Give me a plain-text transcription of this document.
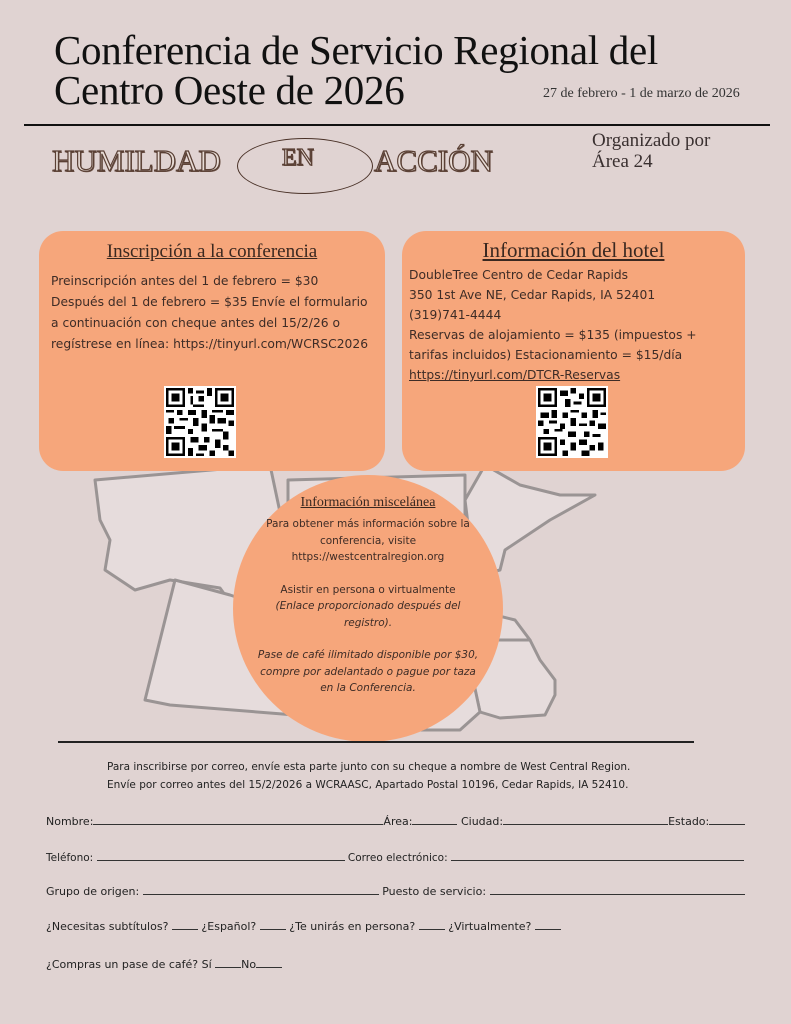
Conferencia de Servicio Regional del
Centro Oeste de 2026	27 de febrero - 1 de marzo de 2026
HUMILDAD	EN ACCIÓN
Organizado por
Área 24
Inscripción a la conferencia

Preinscripción antes del 1 de febrero = $30 Después del 1 de febrero = $35 Envíe el formulario a continuación con cheque antes del 15/2/26 o regístrese en línea: https://tinyurl.com/WCRSC2026

Información del hotel
DoubleTree Centro de Cedar Rapids
350 1st Ave NE, Cedar Rapids, IA 52401
(319)741-4444
Reservas de alojamiento = $135 (impuestos + tarifas incluidos) Estacionamiento = $15/día
https://tinyurl.com/DTCR-Reservas
Información miscelánea

Para obtener más información sobre la conferencia, visite https://westcentralregion.org

Asistir en persona o virtualmente

(Enlace proporcionado después del registro).

Pase de café ilimitado disponible por $30, compre por adelantado o pague por taza en la Conferencia.

Para inscribirse por correo, envíe esta parte junto con su cheque a nombre de West Central Region.
Envíe por correo antes del 15/2/2026 a WCRAASC, Apartado Postal 10196, Cedar Rapids, IA 52410.
Nombre:	Área:	Ciudad:	Estado:
Teléfono:	Correo electrónico:
Grupo de origen:	Puesto de servicio:
¿Necesitas subtítulos?	¿Español?	¿Te unirás en persona?	¿Virtualmente?
¿Compras un pase de café? Sí	No
